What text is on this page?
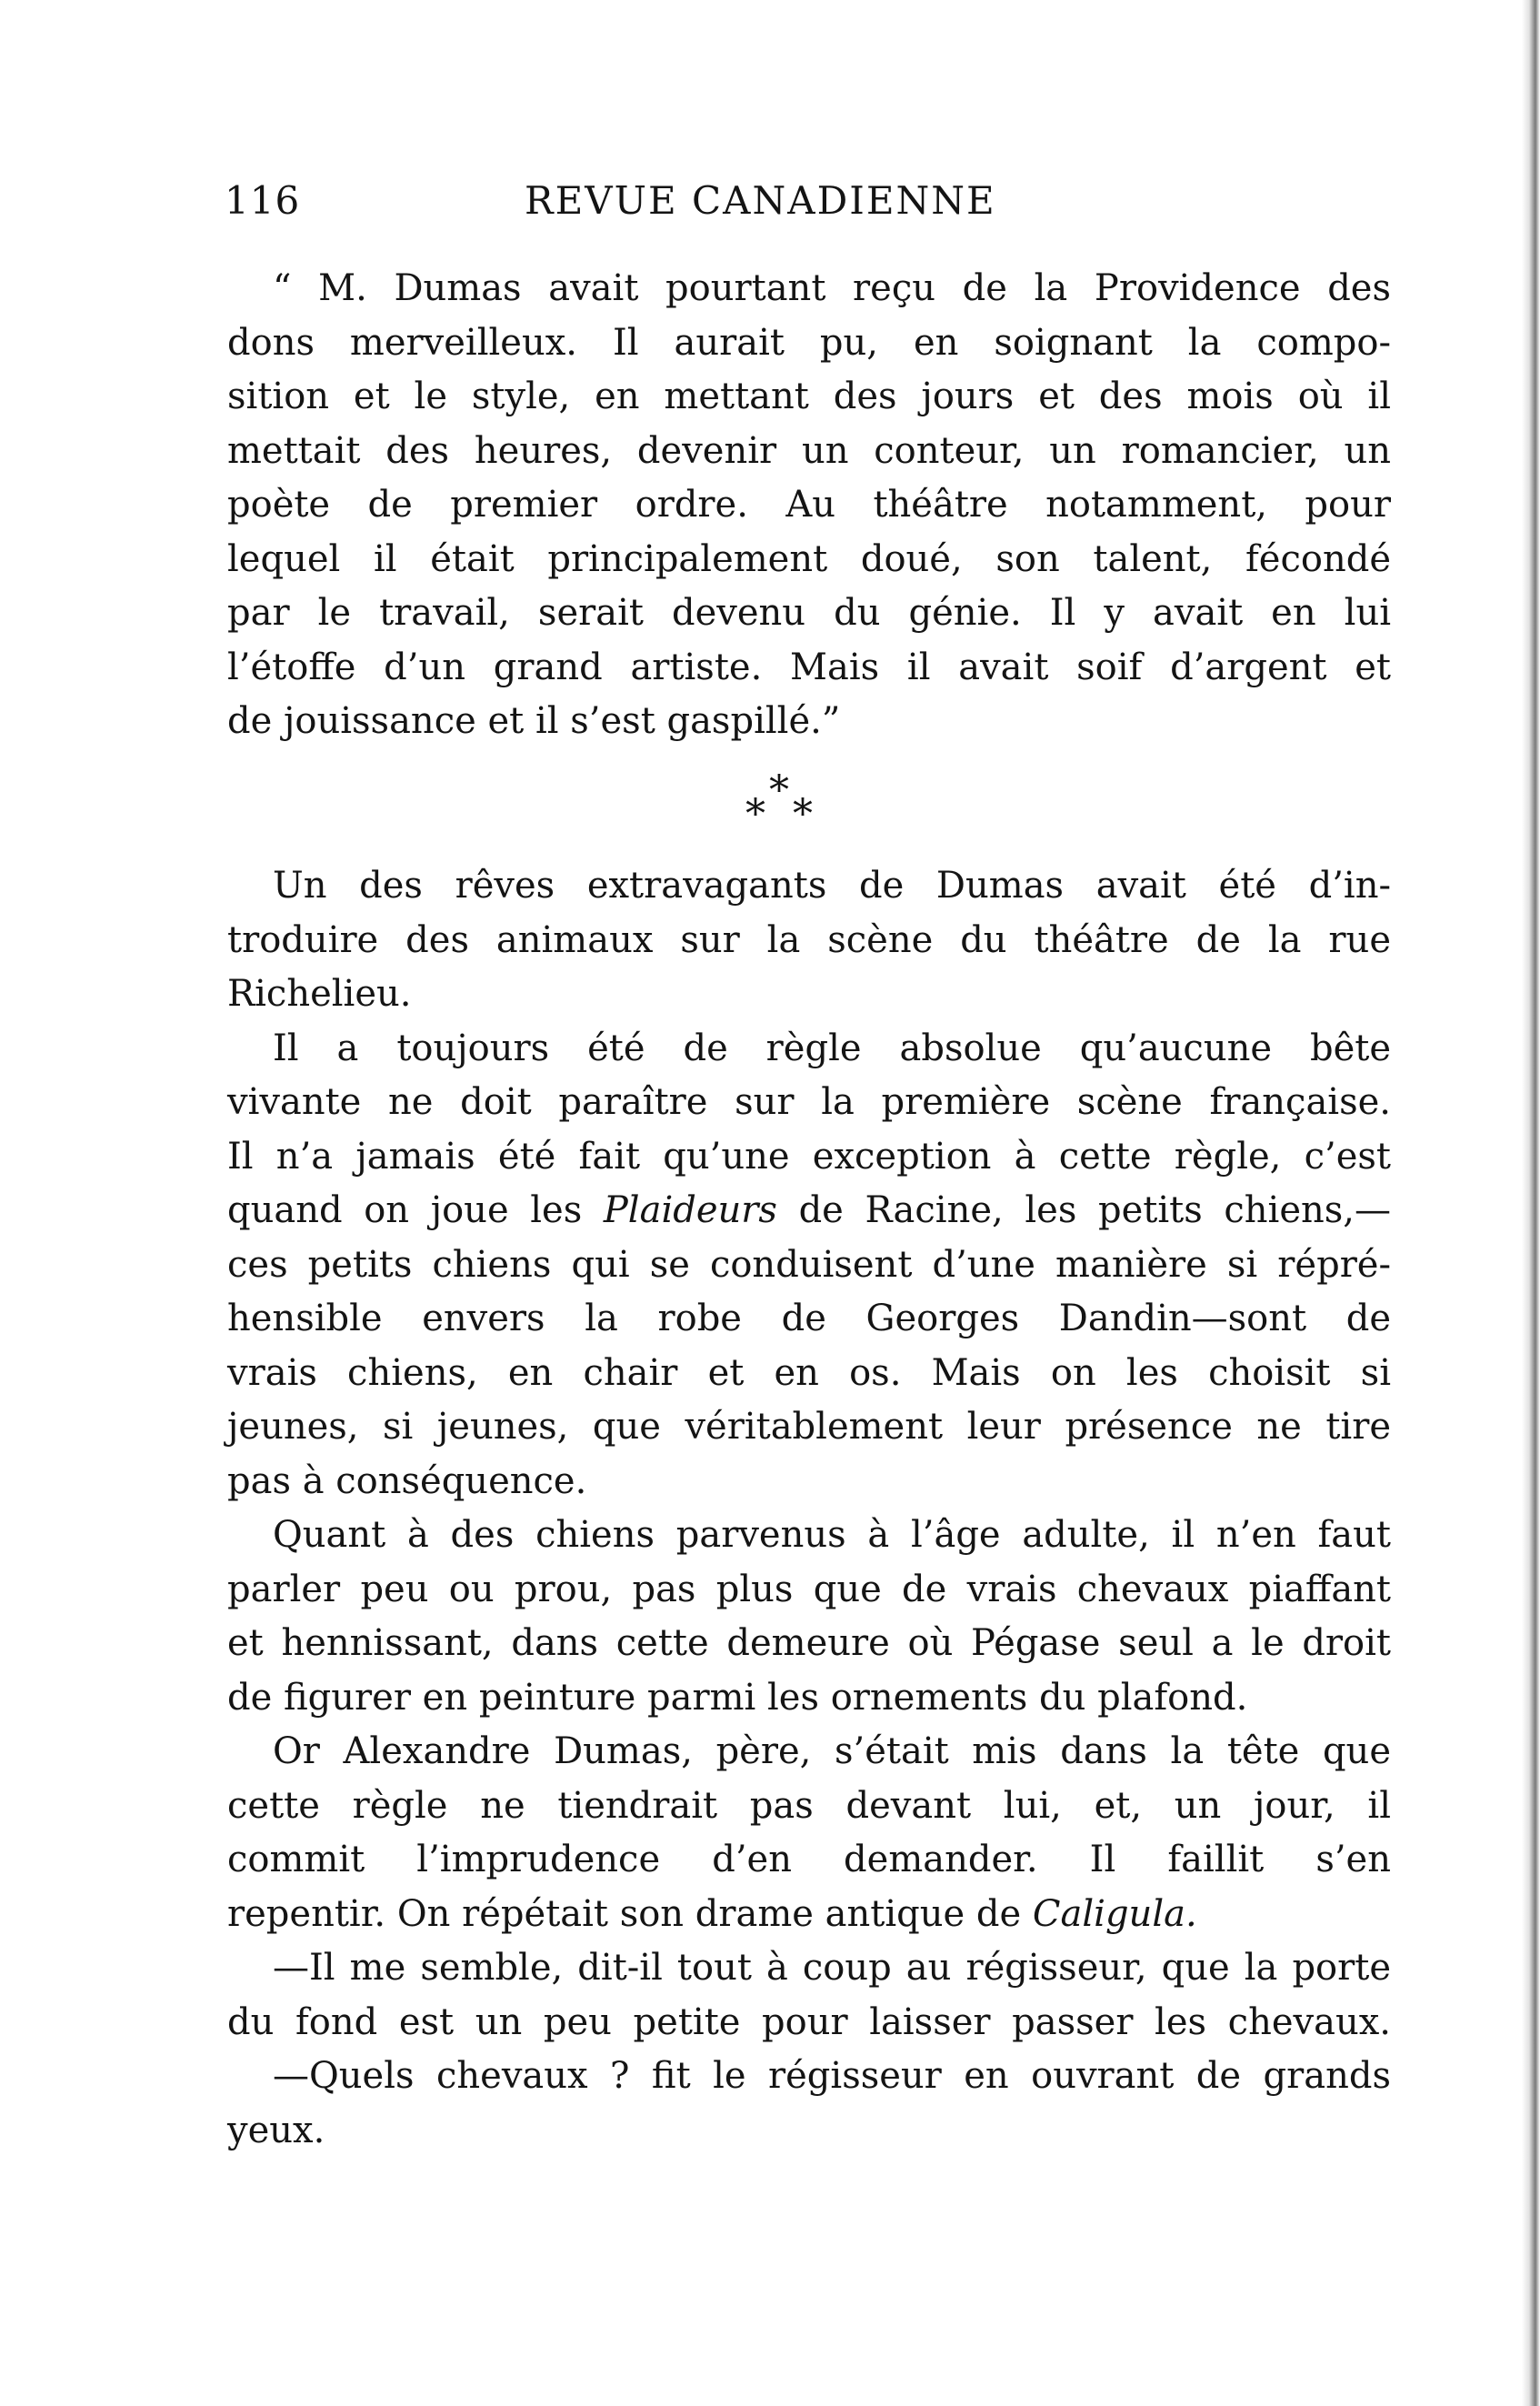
116	REVUE CANADIENNE
“ M. Dumas avait pourtant reçu de la Providence des
dons merveilleux. Il aurait pu, en soignant la compo-
sition et le style, en mettant des jours et des mois où il
mettait des heures, devenir un conteur, un romancier, un
poète de premier ordre. Au théâtre notamment, pour
lequel il était principalement doué, son talent, fécondé
par le travail, serait devenu du génie. Il y avait en lui
l’étoffe d’un grand artiste. Mais il avait soif d’argent et
de jouissance et il s’est gaspillé.”
*
* *
Un des rêves extravagants de Dumas avait été d’in-
troduire des animaux sur la scène du théâtre de la rue
Richelieu.
Il a toujours été de règle absolue qu’aucune bête
vivante ne doit paraître sur la première scène française.
Il n’a jamais été fait qu’une exception à cette règle, c’est
quand on joue les Plaideurs de Racine, les petits chiens,—
ces petits chiens qui se conduisent d’une manière si répré-
hensible envers la robe de Georges Dandin—sont de
vrais chiens, en chair et en os. Mais on les choisit si
jeunes, si jeunes, que véritablement leur présence ne tire
pas à conséquence.
Quant à des chiens parvenus à l’âge adulte, il n’en faut
parler peu ou prou, pas plus que de vrais chevaux piaffant
et hennissant, dans cette demeure où Pégase seul a le droit
de figurer en peinture parmi les ornements du plafond.
Or Alexandre Dumas, père, s’était mis dans la tête que
cette règle ne tiendrait pas devant lui, et, un jour, il
commit l’imprudence d’en demander. Il faillit s’en
repentir. On répétait son drame antique de Caligula.
—Il me semble, dit-il tout à coup au régisseur, que la porte
du fond est un peu petite pour laisser passer les chevaux.
—Quels chevaux ? fit le régisseur en ouvrant de grands
yeux.
